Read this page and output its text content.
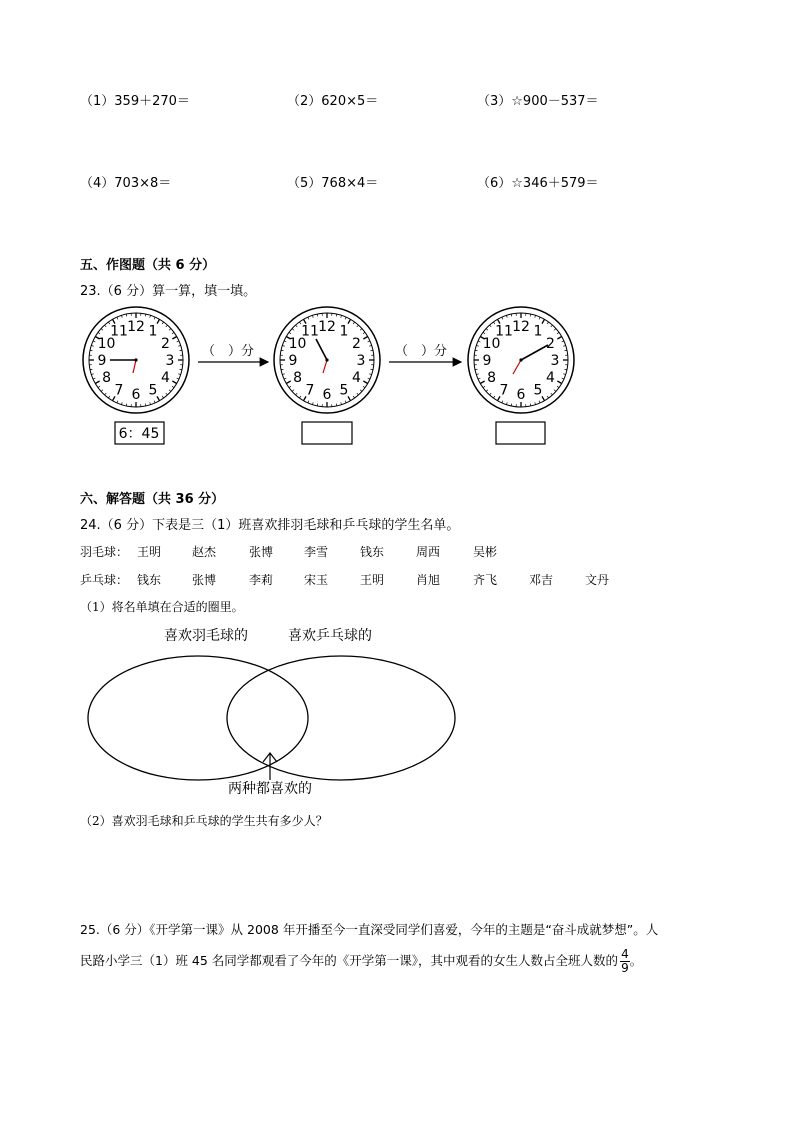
（1）359＋270＝	（2）620×5＝	（3）☆900－537＝
（4）703×8＝	（5）768×4＝	（6）☆346＋579＝
五、作图题（共 6 分）
23.（6 分）算一算，填一填。
12 1
2
3
4
5
6
7
8
9
10
11	12 1
2
3
4
5
6
7
8
9
10
11	12 1
2
3
4
5
6
7
8
9
10
11
（　）分	（　）分
6：45
六、解答题（共 36 分）
24.（6 分）下表是三（1）班喜欢排羽毛球和乒乓球的学生名单。
羽毛球： 王明	赵杰	张博	李雪	钱东	周西	吴彬
乒乓球： 钱东	张博	李莉	宋玉	王明	肖旭	齐飞	邓吉	文丹
（1）将名单填在合适的圈里。
喜欢羽毛球的	喜欢乒乓球的
两种都喜欢的
（2）喜欢羽毛球和乒乓球的学生共有多少人？
25.（6 分）《开学第一课》从 2008 年开播至今一直深受同学们喜爱，今年的主题是“奋斗成就梦想”。人
民路小学三（1）班 45 名同学都观看了今年的《开学第一课》，其中观看的女生人数占全班人数的 $\frac{4}{9}$ 。
